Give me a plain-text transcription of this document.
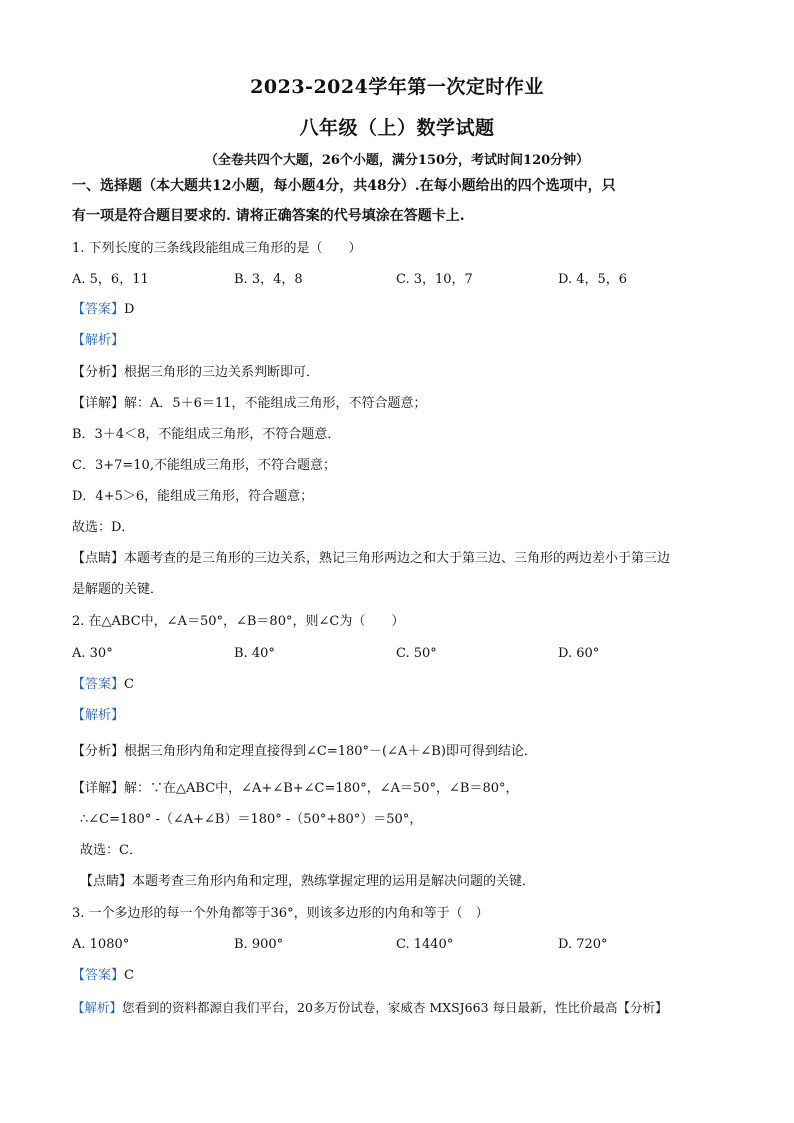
2023-2024学年第一次定时作业
八年级（上）数学试题
（全卷共四个大题，26个小题，满分150分，考试时间120分钟）
一、选择题（本大题共12小题，每小题4分，共48分）.在每小题给出的四个选项中，只
有一项是符合题目要求的. 请将正确答案的代号填涂在答题卡上.
1. 下列长度的三条线段能组成三角形的是（　　）
A. 5，6，11	B. 3，4，8	C. 3，10，7	D. 4，5，6
【答案】D
【解析】
【分析】根据三角形的三边关系判断即可．
【详解】解：A．5＋6＝11，不能组成三角形，不符合题意；
B．3＋4＜8，不能组成三角形，不符合题意．
C．3+7=10,不能组成三角形，不符合题意；
D．4+5＞6，能组成三角形，符合题意；
故选：D．
【点睛】本题考查的是三角形的三边关系，熟记三角形两边之和大于第三边、三角形的两边差小于第三边
是解题的关键．
2. 在△ABC中，∠A＝50°，∠B＝80°，则∠C为（　　）
A. 30°	B. 40°	C. 50°	D. 60°
【答案】C
【解析】
【分析】根据三角形内角和定理直接得到∠C=180°－(∠A＋∠B)即可得到结论．
【详解】解：∵在△ABC中，∠A+∠B+∠C=180°，∠A＝50°，∠B＝80°，
∴∠C=180° -（∠A+∠B）＝180° -（50°+80°）＝50°，
故选：C．
【点睛】本题考查三角形内角和定理，熟练掌握定理的运用是解决问题的关键．
3. 一个多边形的每一个外角都等于36°，则该多边形的内角和等于（　）
A. 1080°	B. 900°	C. 1440°	D. 720°
【答案】C
【解析】您看到的资料都源自我们平台，20多万份试卷，家威杏 MXSJ663 每日最新，性比价最高【分析】
